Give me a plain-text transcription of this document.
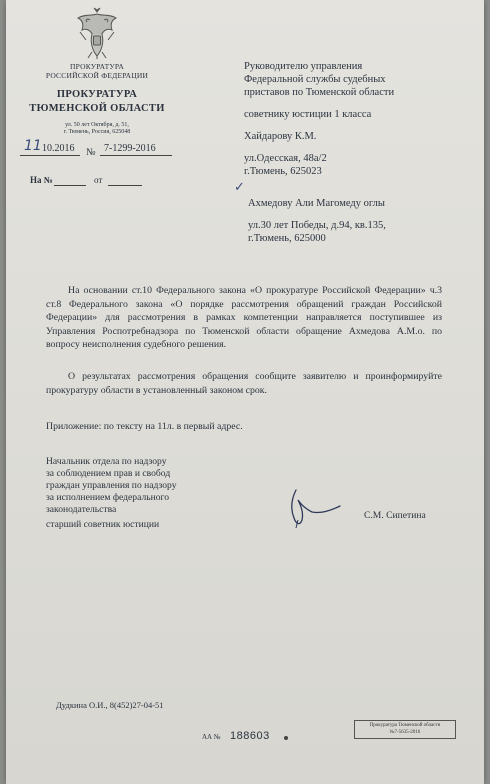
ПРОКУРАТУРА
РОССИЙСКОЙ ФЕДЕРАЦИИ
ПРОКУРАТУРА
ТЮМЕНСКОЙ ОБЛАСТИ
ул. 50 лет Октября, д. 51,
г. Тюмень, Россия, 625048
11 10.2016 № 7-1299-2016
На №	от
Руководителю управления
Федеральной службы судебных
приставов по Тюменской области
советнику юстиции 1 класса
Хайдарову К.М.
ул.Одесская, 48а/2
г.Тюмень, 625023
✓
Ахмедову Али Магомеду оглы
ул.30 лет Победы, д.94, кв.135,
г.Тюмень, 625000
На основании ст.10 Федерального закона «О прокуратуре Российской Федерации» ч.3 ст.8 Федерального закона «О порядке рассмотрения обращений граждан Российской Федерации» для рассмотрения в рамках компетенции направляется поступившее из Управления Роспотребнадзора по Тюменской области обращение Ахмедова А.М.о. по вопросу неисполнения судебного решения.
О результатах рассмотрения обращения сообщите заявителю и проинформируйте прокуратуру области в установленный законом срок.
Приложение: по тексту на 11л. в первый адрес.
Начальник отдела по надзору
за соблюдением прав и свобод
граждан управления по надзору
за исполнением федерального
законодательства
старший советник юстиции
С.М. Сипетина
Дудкина О.И., 8(452)27-04-51
АА № 188603
Прокуратура Тюменской области
№7-5635-2016
